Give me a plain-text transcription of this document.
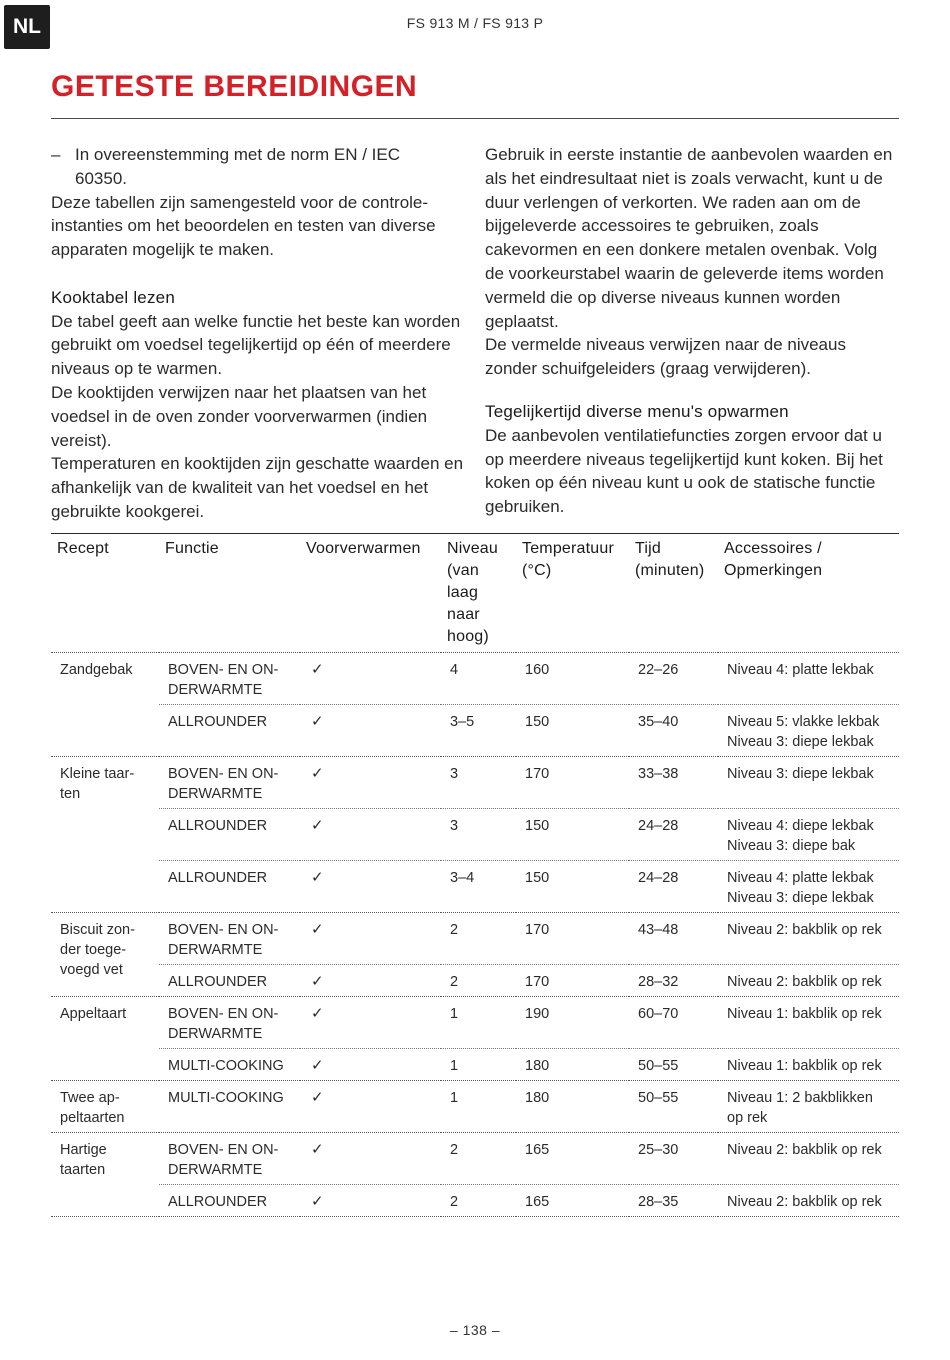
NL	FS 913 M / FS 913 P
GETESTE BEREIDINGEN
– In overeenstemming met de norm EN / IEC 60350.

Deze tabellen zijn samengesteld voor de controle-instanties om het beoordelen en testen van diverse apparaten mogelijk te maken.

Kooktabel lezen

De tabel geeft aan welke functie het beste kan worden gebruikt om voedsel tegelijkertijd op één of meerdere niveaus op te warmen.

De kooktijden verwijzen naar het plaatsen van het voedsel in de oven zonder voorverwarmen (indien vereist).

Temperaturen en kooktijden zijn geschatte waarden en afhankelijk van de kwaliteit van het voedsel en het gebruikte kookgerei.

Gebruik in eerste instantie de aanbevolen waarden en als het eindresultaat niet is zoals verwacht, kunt u de duur verlengen of verkorten. We raden aan om de bijgeleverde accessoires te gebruiken, zoals cakevormen en een donkere metalen ovenbak. Volg de voorkeurstabel waarin de geleverde items worden vermeld die op diverse niveaus kunnen worden geplaatst.

De vermelde niveaus verwijzen naar de niveaus zonder schuifgeleiders (graag verwijderen).

Tegelijkertijd diverse menu's opwarmen

De aanbevolen ventilatiefuncties zorgen ervoor dat u op meerdere niveaus tegelijkertijd kunt koken. Bij het koken op één niveau kunt u ook de statische functie gebruiken.

Recept	Functie	Voorverwarmen	Niveau (van laag naar hoog)	Temperatuur (°C)	Tijd (minuten)	Accessoires / Opmerkingen
Zandgebak	BOVEN- EN ON-DERWARMTE	✓	4	160	22–26	Niveau 4: platte lekbak
	ALLROUNDER	✓	3–5	150	35–40	Niveau 5: vlakke lekbak Niveau 3: diepe lekbak
Kleine taar-ten	BOVEN- EN ON-DERWARMTE	✓	3	170	33–38	Niveau 3: diepe lekbak
	ALLROUNDER	✓	3	150	24–28	Niveau 4: diepe lekbak Niveau 3: diepe bak
	ALLROUNDER	✓	3–4	150	24–28	Niveau 4: platte lekbak Niveau 3: diepe lekbak
Biscuit zon-der toege-voegd vet	BOVEN- EN ON-DERWARMTE	✓	2	170	43–48	Niveau 2: bakblik op rek
	ALLROUNDER	✓	2	170	28–32	Niveau 2: bakblik op rek
Appeltaart	BOVEN- EN ON-DERWARMTE	✓	1	190	60–70	Niveau 1: bakblik op rek
	MULTI-COOKING	✓	1	180	50–55	Niveau 1: bakblik op rek
Twee ap-peltaarten	MULTI-COOKING	✓	1	180	50–55	Niveau 1: 2 bakblikken op rek
Hartige taarten	BOVEN- EN ON-DERWARMTE	✓	2	165	25–30	Niveau 2: bakblik op rek
	ALLROUNDER	✓	2	165	28–35	Niveau 2: bakblik op rek
– 138 –
